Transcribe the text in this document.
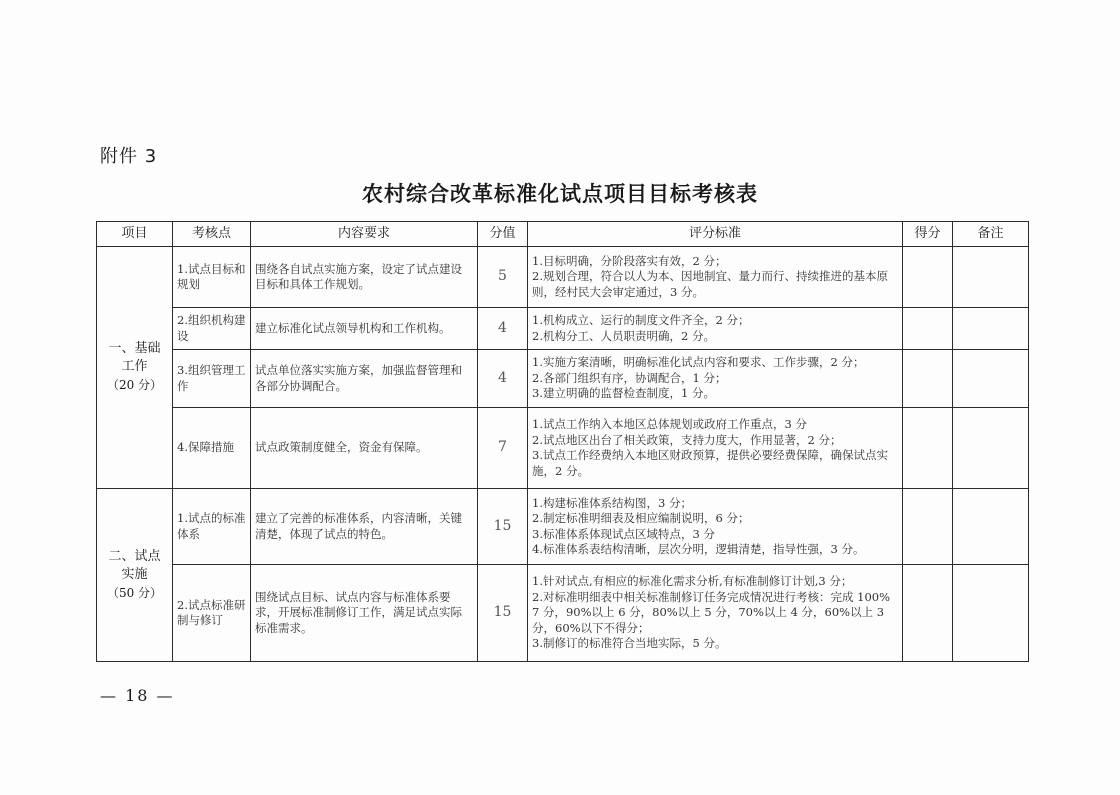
附件 3
农村综合改革标准化试点项目目标考核表
项目	考核点	内容要求	分值	评分标准	得分	备注
一、基础
工作
（20 分）	1.试点目标和规划	围绕各自试点实施方案，设定了试点建设目标和具体工作规划。	5	1.目标明确，分阶段落实有效，2 分；
2.规划合理，符合以人为本、因地制宜、量力而行、持续推进的基本原则，经村民大会审定通过，3 分。		

	2.组织机构建设	建立标准化试点领导机构和工作机构。	4	1.机构成立、运行的制度文件齐全，2 分；
2.机构分工、人员职责明确，2 分。		

	3.组织管理工作	试点单位落实实施方案，加强监督管理和各部分协调配合。	4	1.实施方案清晰，明确标准化试点内容和要求、工作步骤，2 分；
2.各部门组织有序，协调配合，1 分；
3.建立明确的监督检查制度，1 分。		

	4.保障措施	试点政策制度健全，资金有保障。	7	1.试点工作纳入本地区总体规划或政府工作重点，3 分
2.试点地区出台了相关政策，支持力度大，作用显著，2 分；
3.试点工作经费纳入本地区财政预算，提供必要经费保障，确保试点实施，2 分。		

二、试点
实施
（50 分）	1.试点的标准体系	建立了完善的标准体系，内容清晰，关键清楚，体现了试点的特色。	15	1.构建标准体系结构图，3 分；
2.制定标准明细表及相应编制说明，6 分；
3.标准体系体现试点区域特点，3 分
4.标准体系表结构清晰，层次分明，逻辑清楚，指导性强，3 分。		

	2.试点标准研制与修订	围绕试点目标、试点内容与标准体系要求，开展标准制修订工作，满足试点实际标准需求。	15	1.针对试点,有相应的标准化需求分析,有标准制修订计划,3 分；
2.对标准明细表中相关标准制修订任务完成情况进行考核：完成 100% 7 分，90%以上 6 分，80%以上 5 分，70%以上 4 分，60%以上 3 分，60%以下不得分；
3.制修订的标准符合当地实际，5 分。		

— 18 —
